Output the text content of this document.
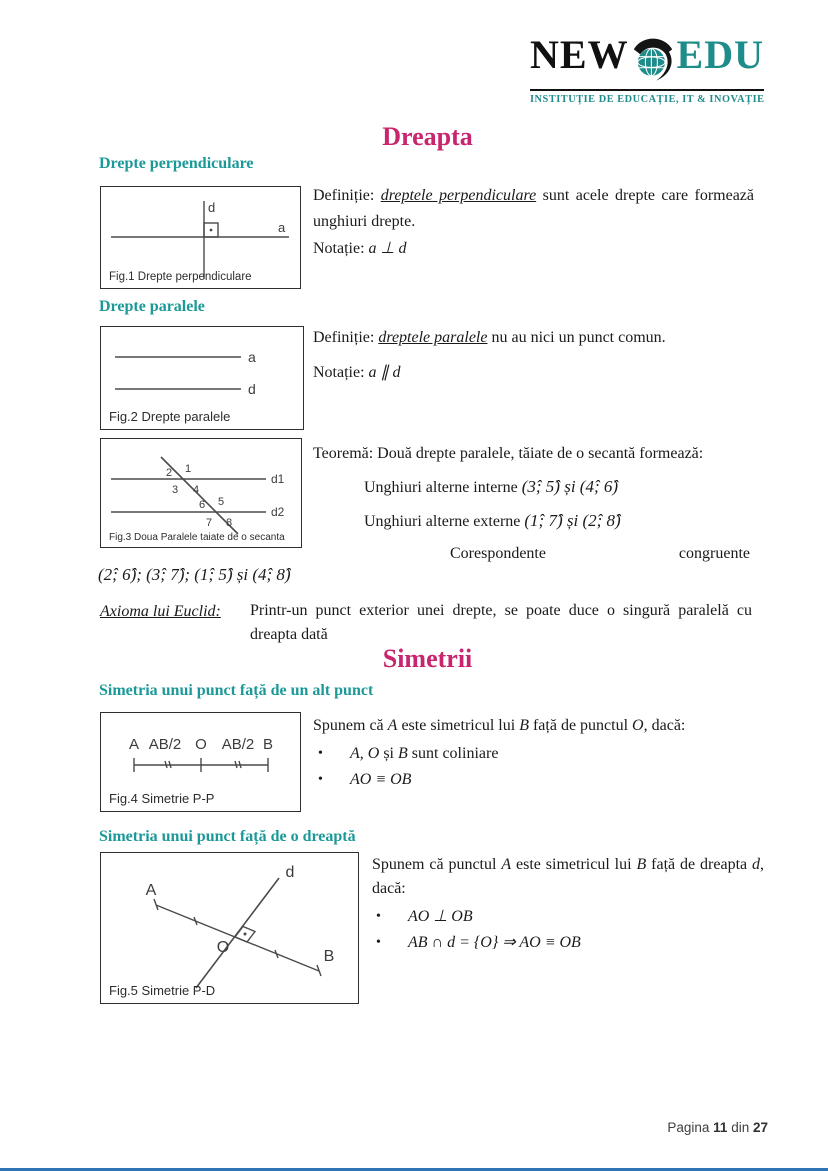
NEW EDU
INSTITUȚIE DE EDUCAȚIE, IT & INOVAȚIE
Dreapta
Drepte perpendiculare
d
a
Fig.1 Drepte perpendiculare
Definiție: dreptele perpendiculare sunt acele drepte care formează unghiuri drepte.
Notație: a ⊥ d
Drepte paralele
a
d
Fig.2 Drepte paralele
Definiție: dreptele paralele nu au nici un punct comun.
Notație: a ∥ d
d1
d2
2 1
3 4
6 5
7 8
Fig.3 Doua Paralele taiate de o secanta
Teoremă: Două drepte paralele, tăiate de o secantă formează:
Unghiuri alterne interne (3̂; 5̂) și (4̂; 6̂)
Unghiuri alterne externe (1̂; 7̂) și (2̂; 8̂)
Corespondente	congruente
(2̂; 6̂); (3̂; 7̂); (1̂; 5̂) și (4̂; 8̂)
Axioma lui Euclid: Printr-un punct exterior unei drepte, se poate duce o singură paralelă cu dreapta dată
Simetrii
Simetria unui punct față de un alt punct
A AB/2 O AB/2 B
Fig.4 Simetrie P-P
Spunem că A este simetricul lui B față de punctul O, dacă:
•	A, O și B sunt coliniare
•	AO ≡ OB
Simetria unui punct față de o dreaptă
d
A
O
B
Fig.5 Simetrie P-D
Spunem că punctul A este simetricul lui B față de dreapta d, dacă:
•	AO ⊥ OB
•	AB ∩ d = {O} ⇒ AO ≡ OB
Pagina 11 din 27
